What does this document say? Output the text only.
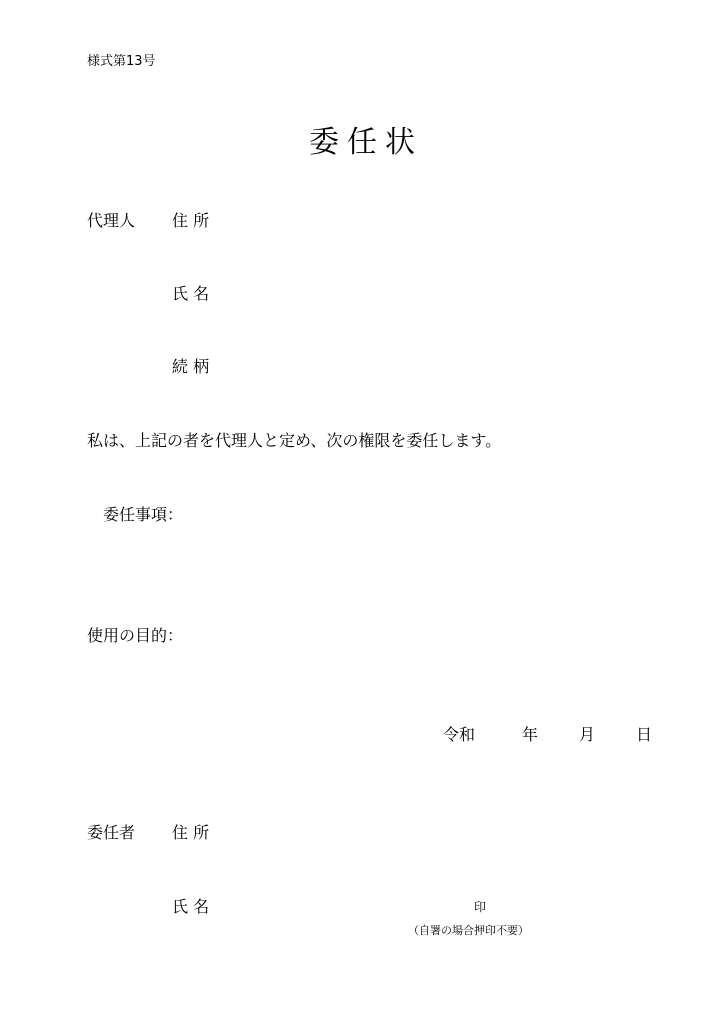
様式第13号
委任状
代理人 住 所
氏 名
続 柄
私は、上記の者を代理人と定め、次の権限を委任します。
委任事項：
使用の目的：
令和	年	月	日
委任者 住 所
氏 名	印
（自署の場合押印不要）
